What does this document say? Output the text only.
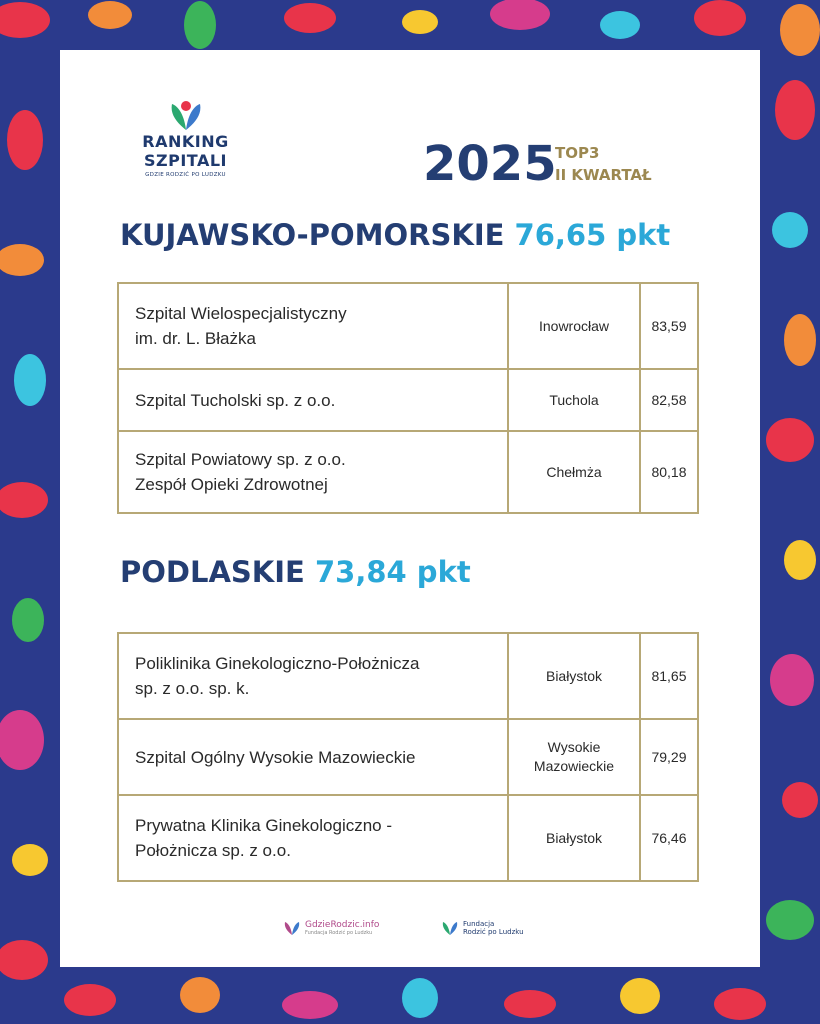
RANKING
SZPITALI
GDZIE RODZIĆ PO LUDZKU	2025
TOP3
II KWARTAŁ
KUJAWSKO-POMORSKIE 76,65 pkt
Szpital Wielospecjalistyczny
im. dr. L. Błażka	Inowrocław	83,59
Szpital Tucholski sp. z o.o.	Tuchola	82,58
Szpital Powiatowy sp. z o.o.
Zespół Opieki Zdrowotnej	Chełmża	80,18
PODLASKIE 73,84 pkt
Poliklinika Ginekologiczno-Położnicza
sp. z o.o. sp. k.	Białystok	81,65
Szpital Ogólny Wysokie Mazowieckie	Wysokie
Mazowieckie	79,29
Prywatna Klinika Ginekologiczno -
Położnicza sp. z o.o.	Białystok	76,46
GdzieRodzic.info
Fundacja Rodzić po Ludzku
Fundacja
Rodzić po Ludzku
